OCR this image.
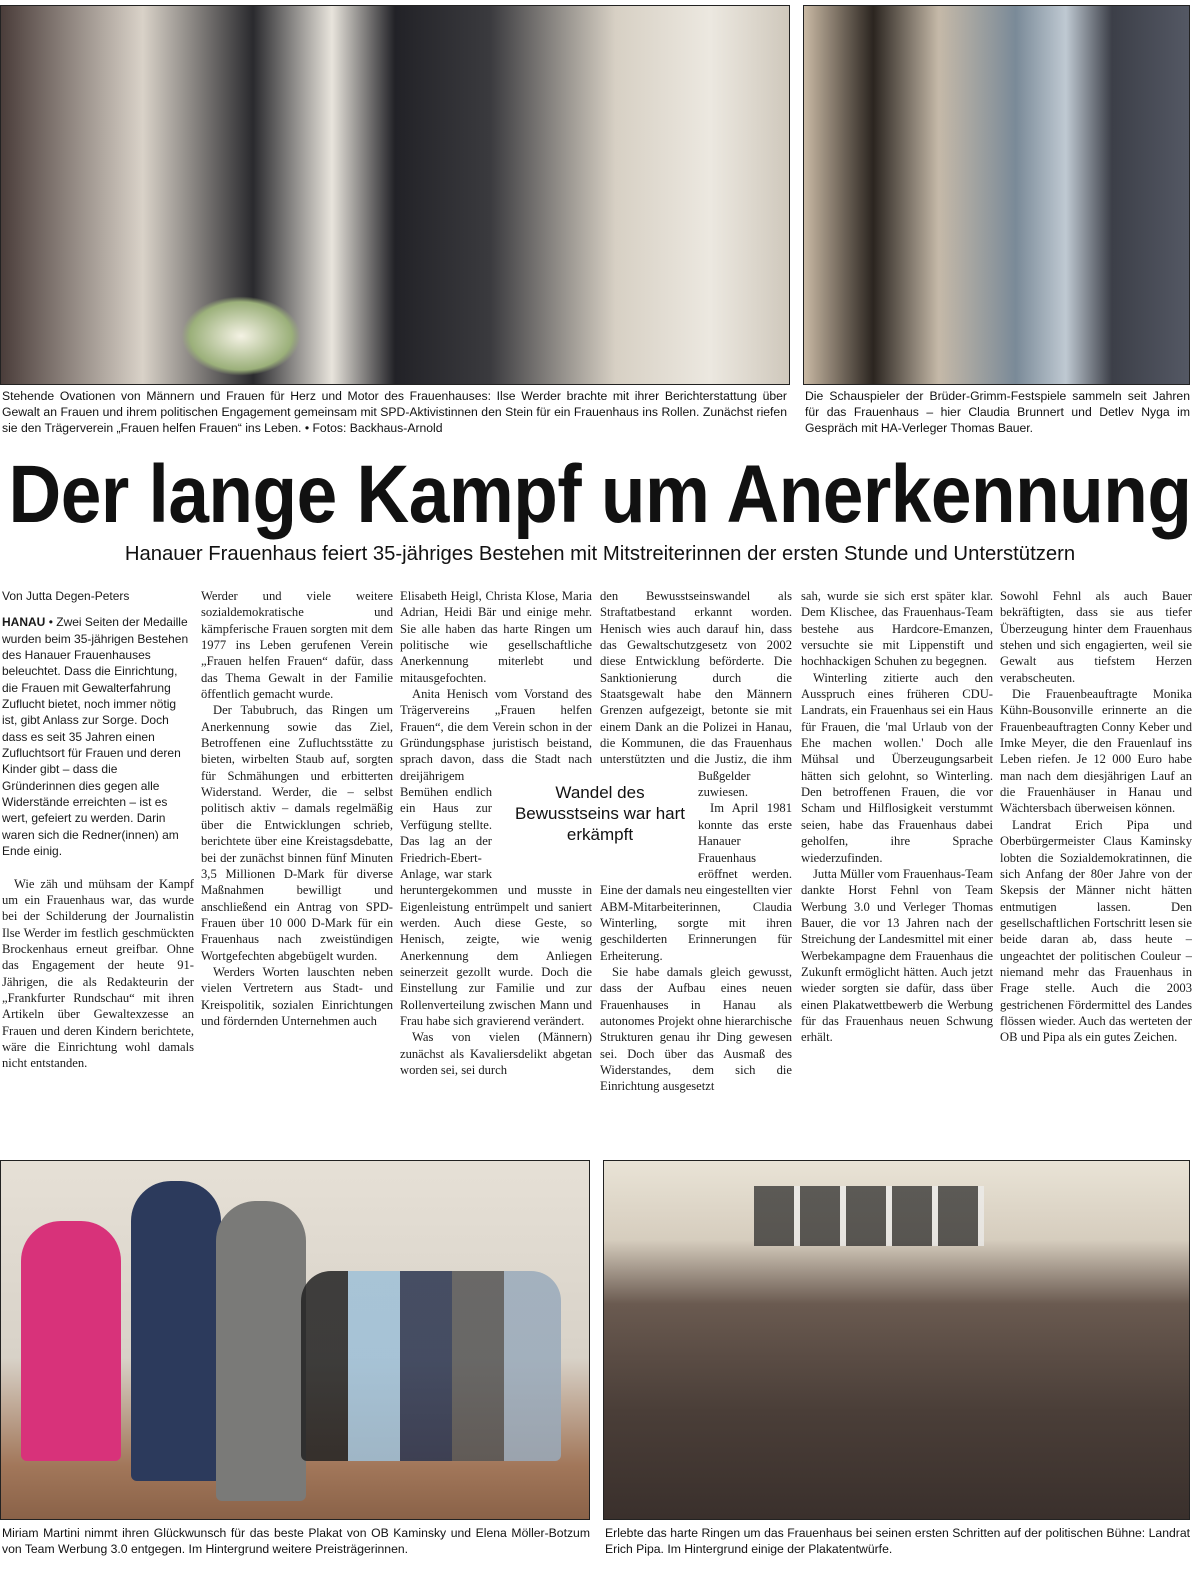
Stehende Ovationen von Männern und Frauen für Herz und Motor des Frauenhauses: Ilse Werder brachte mit ihrer Berichterstattung über Gewalt an Frauen und ihrem politischen Engagement gemeinsam mit SPD-Aktivistinnen den Stein für ein Frauenhaus ins Rollen. Zunächst riefen sie den Trägerverein „Frauen helfen Frauen“ ins Leben. • Fotos: Backhaus-Arnold
Die Schauspieler der Brüder-Grimm-Festspiele sammeln seit Jahren für das Frauenhaus – hier Claudia Brunnert und Detlev Nyga im Gespräch mit HA-Verleger Thomas Bauer.
Der lange Kampf um Anerkennung
Hanauer Frauenhaus feiert 35-jähriges Bestehen mit Mitstreiterinnen der ersten Stunde und Unterstützern
Von Jutta Degen-Peters
HANAU • Zwei Seiten der Medaille wurden beim 35-jährigen Bestehen des Hanauer Frauenhauses beleuchtet. Dass die Einrichtung, die Frauen mit Gewalterfahrung Zuflucht bietet, noch immer nötig ist, gibt Anlass zur Sorge. Doch dass es seit 35 Jahren einen Zufluchtsort für Frauen und deren Kinder gibt – dass die Gründerinnen dies gegen alle Widerstände erreichten – ist es wert, gefeiert zu werden. Darin waren sich die Redner(innen) am Ende einig.

Wie zäh und mühsam der Kampf um ein Frauenhaus war, das wurde bei der Schilderung der Journalistin Ilse Werder im festlich geschmückten Brockenhaus erneut greifbar. Ohne das Engagement der heute 91-Jährigen, die als Redakteurin der „Frankfurter Rundschau“ mit ihren Artikeln über Gewaltexzesse an Frauen und deren Kindern berichtete, wäre die Einrichtung wohl damals nicht entstanden.

Werder und viele weitere sozialdemokratische und kämpferische Frauen sorgten mit dem 1977 ins Leben gerufenen Verein „Frauen helfen Frauen“ dafür, dass das Thema Gewalt in der Familie öffentlich gemacht wurde.

Der Tabubruch, das Ringen um Anerkennung sowie das Ziel, Betroffenen eine Zufluchtsstätte zu bieten, wirbelten Staub auf, sorgten für Schmähungen und erbitterten Widerstand. Werder, die – selbst politisch aktiv – damals regelmäßig über die Entwicklungen schrieb, berichtete über eine Kreistagsdebatte, bei der zunächst binnen fünf Minuten 3,5 Millionen D-Mark für diverse Maßnahmen bewilligt und anschließend ein Antrag von SPD-Frauen über 10 000 D-Mark für ein Frauenhaus nach zweistündigen Wortgefechten abgebügelt wurden.

Werders Worten lauschten neben vielen Vertretern aus Stadt- und Kreispolitik, sozialen Einrichtungen und fördernden Unternehmen auch

Elisabeth Heigl, Christa Klose, Maria Adrian, Heidi Bär und einige mehr. Sie alle haben das harte Ringen um politische wie gesellschaftliche Anerkennung miterlebt und mitausgefochten.

Anita Henisch vom Vorstand des Trägervereins „Frauen helfen Frauen“, die dem Verein schon in der Gründungsphase juristisch beistand, sprach davon, dass die Stadt nach dreijährigem Bemühen endlich ein Haus zur Verfügung stellte. Das lag an der Friedrich-Ebert-Anlage, war stark heruntergekommen und musste in Eigenleistung entrümpelt und saniert werden. Auch diese Geste, so Henisch, zeigte, wie wenig Anerkennung dem Anliegen seinerzeit gezollt wurde. Doch die Einstellung zur Familie und zur Rollenverteilung zwischen Mann und Frau habe sich gravierend verändert.

Was von vielen (Männern) zunächst als Kavaliersdelikt abgetan worden sei, sei durch

den Bewusstseinswandel als Straftatbestand erkannt worden. Henisch wies auch darauf hin, dass das Gewaltschutzgesetz von 2002 diese Entwicklung beförderte. Die Sanktionierung durch die Staatsgewalt habe den Männern Grenzen aufgezeigt, betonte sie mit einem Dank an die Polizei in Hanau, die Kommunen, die das Frauenhaus unterstützten und die Justiz, die ihm Bußgelder zuwiesen.

Im April 1981 konnte das erste Hanauer Frauenhaus eröffnet werden. Eine der damals neu eingestellten vier ABM-Mitarbeiterinnen, Claudia Winterling, sorgte mit ihren geschilderten Erinnerungen für Erheiterung.

Sie habe damals gleich gewusst, dass der Aufbau eines neuen Frauenhauses in Hanau als autonomes Projekt ohne hierarchische Strukturen genau ihr Ding gewesen sei. Doch über das Ausmaß des Widerstandes, dem sich die Einrichtung ausgesetzt

Wandel des Bewusstseins war hart erkämpft

sah, wurde sie sich erst später klar. Dem Klischee, das Frauenhaus-Team bestehe aus Hardcore-Emanzen, versuchte sie mit Lippenstift und hochhackigen Schuhen zu begegnen.

Winterling zitierte auch den Ausspruch eines früheren CDU-Landrats, ein Frauenhaus sei ein Haus für Frauen, die 'mal Urlaub von der Ehe machen wollen.' Doch alle Mühsal und Überzeugungsarbeit hätten sich gelohnt, so Winterling. Den betroffenen Frauen, die vor Scham und Hilflosigkeit verstummt seien, habe das Frauenhaus dabei geholfen, ihre Sprache wiederzufinden.

Jutta Müller vom Frauenhaus-Team dankte Horst Fehnl von Team Werbung 3.0 und Verleger Thomas Bauer, die vor 13 Jahren nach der Streichung der Landesmittel mit einer Werbekampagne dem Frauenhaus die Zukunft ermöglicht hätten. Auch jetzt wieder sorgten sie dafür, dass über einen Plakatwettbewerb die Werbung für das Frauenhaus neuen Schwung erhält.

Sowohl Fehnl als auch Bauer bekräftigten, dass sie aus tiefer Überzeugung hinter dem Frauenhaus stehen und sich engagierten, weil sie Gewalt aus tiefstem Herzen verabscheuten.

Die Frauenbeauftragte Monika Kühn-Bousonville erinnerte an die Frauenbeauftragten Conny Keber und Imke Meyer, die den Frauenlauf ins Leben riefen. Je 12 000 Euro habe man nach dem diesjährigen Lauf an die Frauenhäuser in Hanau und Wächtersbach überweisen können.

Landrat Erich Pipa und Oberbürgermeister Claus Kaminsky lobten die Sozialdemokratinnen, die sich Anfang der 80er Jahre von der Skepsis der Männer nicht hätten entmutigen lassen. Den gesellschaftlichen Fortschritt lesen sie beide daran ab, dass heute – ungeachtet der politischen Couleur – niemand mehr das Frauenhaus in Frage stelle. Auch die 2003 gestrichenen Fördermittel des Landes flössen wieder. Auch das werteten der OB und Pipa als ein gutes Zeichen.

Miriam Martini nimmt ihren Glückwunsch für das beste Plakat von OB Kaminsky und Elena Möller-Botzum von Team Werbung 3.0 entgegen. Im Hintergrund weitere Preisträgerinnen.
Erlebte das harte Ringen um das Frauenhaus bei seinen ersten Schritten auf der politischen Bühne: Landrat Erich Pipa. Im Hintergrund einige der Plakatentwürfe.
